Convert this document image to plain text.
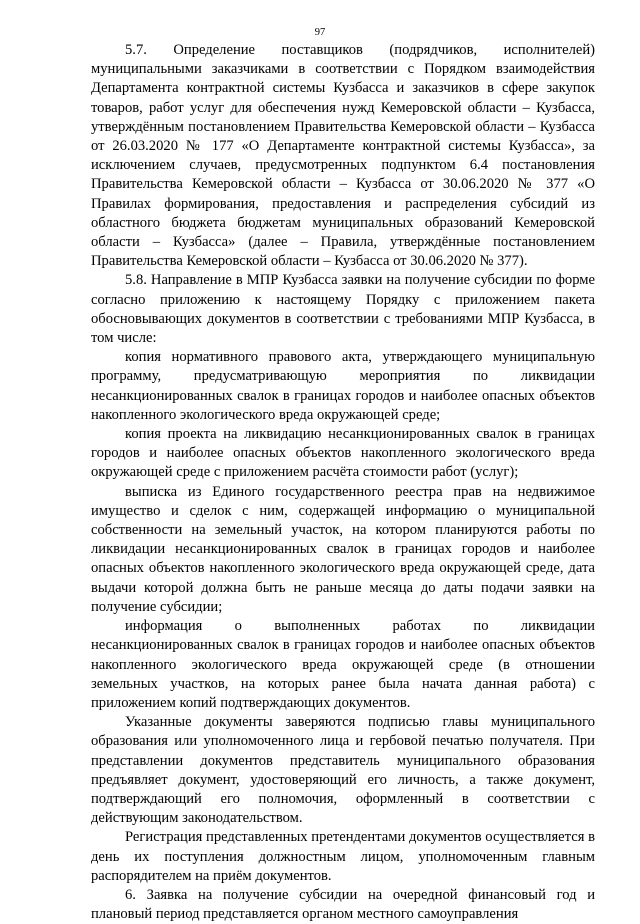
97

5.7. Определение поставщиков (подрядчиков, исполнителей) муниципальными заказчиками в соответствии с Порядком взаимодействия Департамента контрактной системы Кузбасса и заказчиков в сфере закупок товаров, работ услуг для обеспечения нужд Кемеровской области – Кузбасса, утверждённым постановлением Правительства Кемеровской области – Кузбасса от 26.03.2020 № 177 «О Департаменте контрактной системы Кузбасса», за исключением случаев, предусмотренных подпунктом 6.4 постановления Правительства Кемеровской области – Кузбасса от 30.06.2020 № 377 «О Правилах формирования, предоставления и распределения субсидий из областного бюджета бюджетам муниципальных образований Кемеровской области – Кузбасса» (далее – Правила, утверждённые постановлением Правительства Кемеровской области – Кузбасса от 30.06.2020 № 377).

5.8. Направление в МПР Кузбасса заявки на получение субсидии по форме согласно приложению к настоящему Порядку с приложением пакета обосновывающих документов в соответствии с требованиями МПР Кузбасса, в том числе:

копия нормативного правового акта, утверждающего муниципальную программу, предусматривающую мероприятия по ликвидации несанкционированных свалок в границах городов и наиболее опасных объектов накопленного экологического вреда окружающей среде;

копия проекта на ликвидацию несанкционированных свалок в границах городов и наиболее опасных объектов накопленного экологического вреда окружающей среде с приложением расчёта стоимости работ (услуг);

выписка из Единого государственного реестра прав на недвижимое имущество и сделок с ним, содержащей информацию о муниципальной собственности на земельный участок, на котором планируются работы по ликвидации несанкционированных свалок в границах городов и наиболее опасных объектов накопленного экологического вреда окружающей среде, дата выдачи которой должна быть не раньше месяца до даты подачи заявки на получение субсидии;

информация о выполненных работах по ликвидации несанкционированных свалок в границах городов и наиболее опасных объектов накопленного экологического вреда окружающей среде (в отношении земельных участков, на которых ранее была начата данная работа) с приложением копий подтверждающих документов.

Указанные документы заверяются подписью главы муниципального образования или уполномоченного лица и гербовой печатью получателя. При представлении документов представитель муниципального образования предъявляет документ, удостоверяющий его личность, а также документ, подтверждающий его полномочия, оформленный в соответствии с действующим законодательством.

Регистрация представленных претендентами документов осуществляется в день их поступления должностным лицом, уполномоченным главным распорядителем на приём документов.

6. Заявка на получение субсидии на очередной финансовый год и плановый период представляется органом местного самоуправления
